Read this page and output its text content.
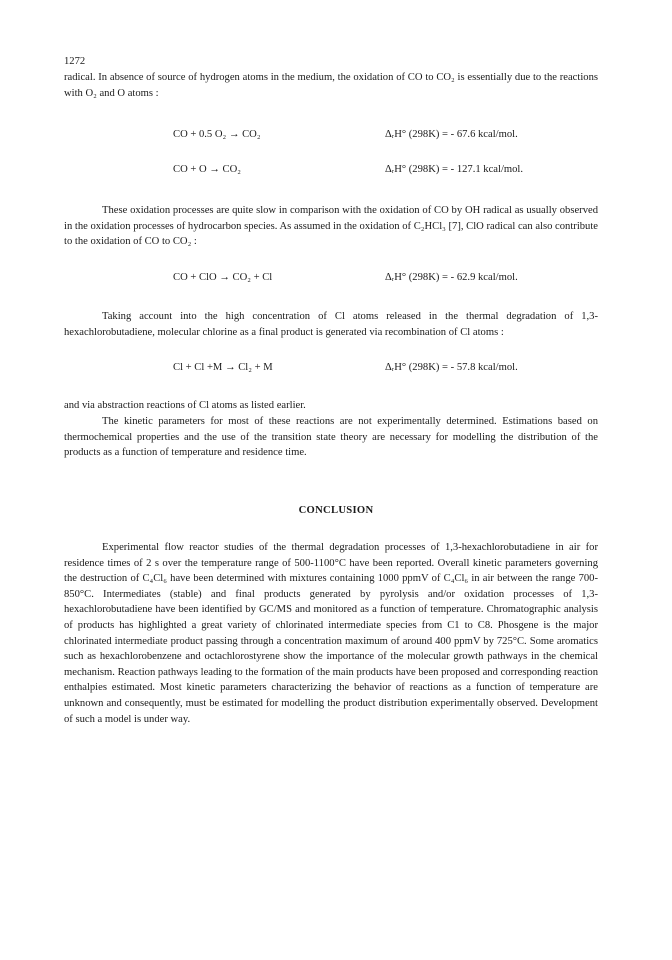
1272

radical. In absence of source of hydrogen atoms in the medium, the oxidation of CO to CO₂ is essentially due to the reactions with O₂ and O atoms :

CO + 0.5 O₂ → CO₂	ΔᵣH° (298K) = - 67.6 kcal/mol.
CO + O → CO₂	ΔᵣH° (298K) = - 127.1 kcal/mol.

These oxidation processes are quite slow in comparison with the oxidation of CO by OH radical as usually observed in the oxidation processes of hydrocarbon species. As assumed in the oxidation of C₂HCl₃ [7], ClO radical can also contribute to the oxidation of CO to CO₂ :

CO + ClO → CO₂ + Cl	ΔᵣH° (298K) = - 62.9 kcal/mol.

Taking account into the high concentration of Cl atoms released in the thermal degradation of 1,3-hexachlorobutadiene, molecular chlorine as a final product is generated via recombination of Cl atoms :

Cl + Cl +M → Cl₂ + M	ΔᵣH° (298K) = - 57.8 kcal/mol.

and via abstraction reactions of Cl atoms as listed earlier.

The kinetic parameters for most of these reactions are not experimentally determined. Estimations based on thermochemical properties and the use of the transition state theory are necessary for modelling the distribution of the products as a function of temperature and residence time.

CONCLUSION

Experimental flow reactor studies of the thermal degradation processes of 1,3-hexachlorobutadiene in air for residence times of 2 s over the temperature range of 500-1100°C have been reported. Overall kinetic parameters governing the destruction of C₄Cl₆ have been determined with mixtures containing 1000 ppmV of C₄Cl₆ in air between the range 700-850°C. Intermediates (stable) and final products generated by pyrolysis and/or oxidation processes of 1,3-hexachlorobutadiene have been identified by GC/MS and monitored as a function of temperature. Chromatographic analysis of products has highlighted a great variety of chlorinated intermediate species from C1 to C8. Phosgene is the major chlorinated intermediate product passing through a concentration maximum of around 400 ppmV by 725°C. Some aromatics such as hexachlorobenzene and octachlorostyrene show the importance of the molecular growth pathways in the chemical mechanism. Reaction pathways leading to the formation of the main products have been proposed and corresponding reaction enthalpies estimated. Most kinetic parameters characterizing the behavior of reactions as a function of temperature are unknown and consequently, must be estimated for modelling the product distribution experimentally observed. Development of such a model is under way.
